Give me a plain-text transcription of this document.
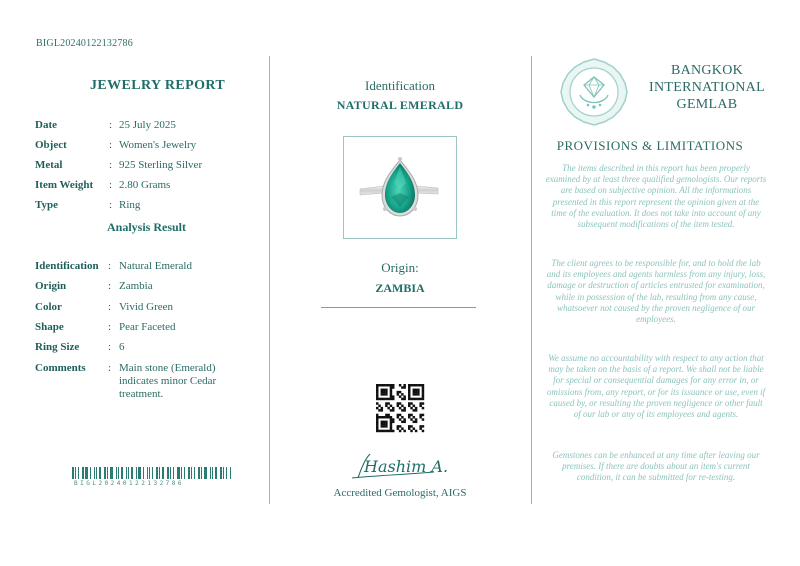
BIGL20240122132786
JEWELRY REPORT
Date	: 25 July 2025
Object	: Women's Jewelry
Metal	: 925 Sterling Silver
Item Weight	: 2.80 Grams
Type	: Ring
Analysis Result
Identification : Natural Emerald
Origin	: Zambia
Color	: Vivid Green
Shape	: Pear Faceted
Ring Size	: 6
Comments	: Main stone (Emerald) indicates minor Cedar treatment.
BIGL20240122132786
Identification
NATURAL EMERALD
Origin:
ZAMBIA
Hashim A.
Accredited Gemologist, AIGS
BANGKOK
INTERNATIONAL
GEMLAB
PROVISIONS & LIMITATIONS
The items described in this report has been properly examined by at least three qualified gemologists. Our reports are based on subjective opinion. All the informations presented in this report represent the opinion given at the time of the evaluation. It does not take into account of any subsequent modifications of the item tested.
The client agrees to be responsible for, and to hold the lab and its employees and agents harmless from any injury, loss, damage or destruction of articles entrusted for examination, while in possession of the lab, resulting from any cause, whatsoever not caused by the proven negligence of our employees.
We assume no accountability with respect to any action that may be taken on the basis of a report. We shall not be liable for special or consequential damages for any error in, or omissions from, any report, or for its issuance or use, even if caused by, or resulting the proven negligence or other fault of our lab or any of its employees and agents.
Gemstones can be enhanced at any time after leaving our premises. If there are doubts about an item's current condition, it can be submitted for re-testing.
